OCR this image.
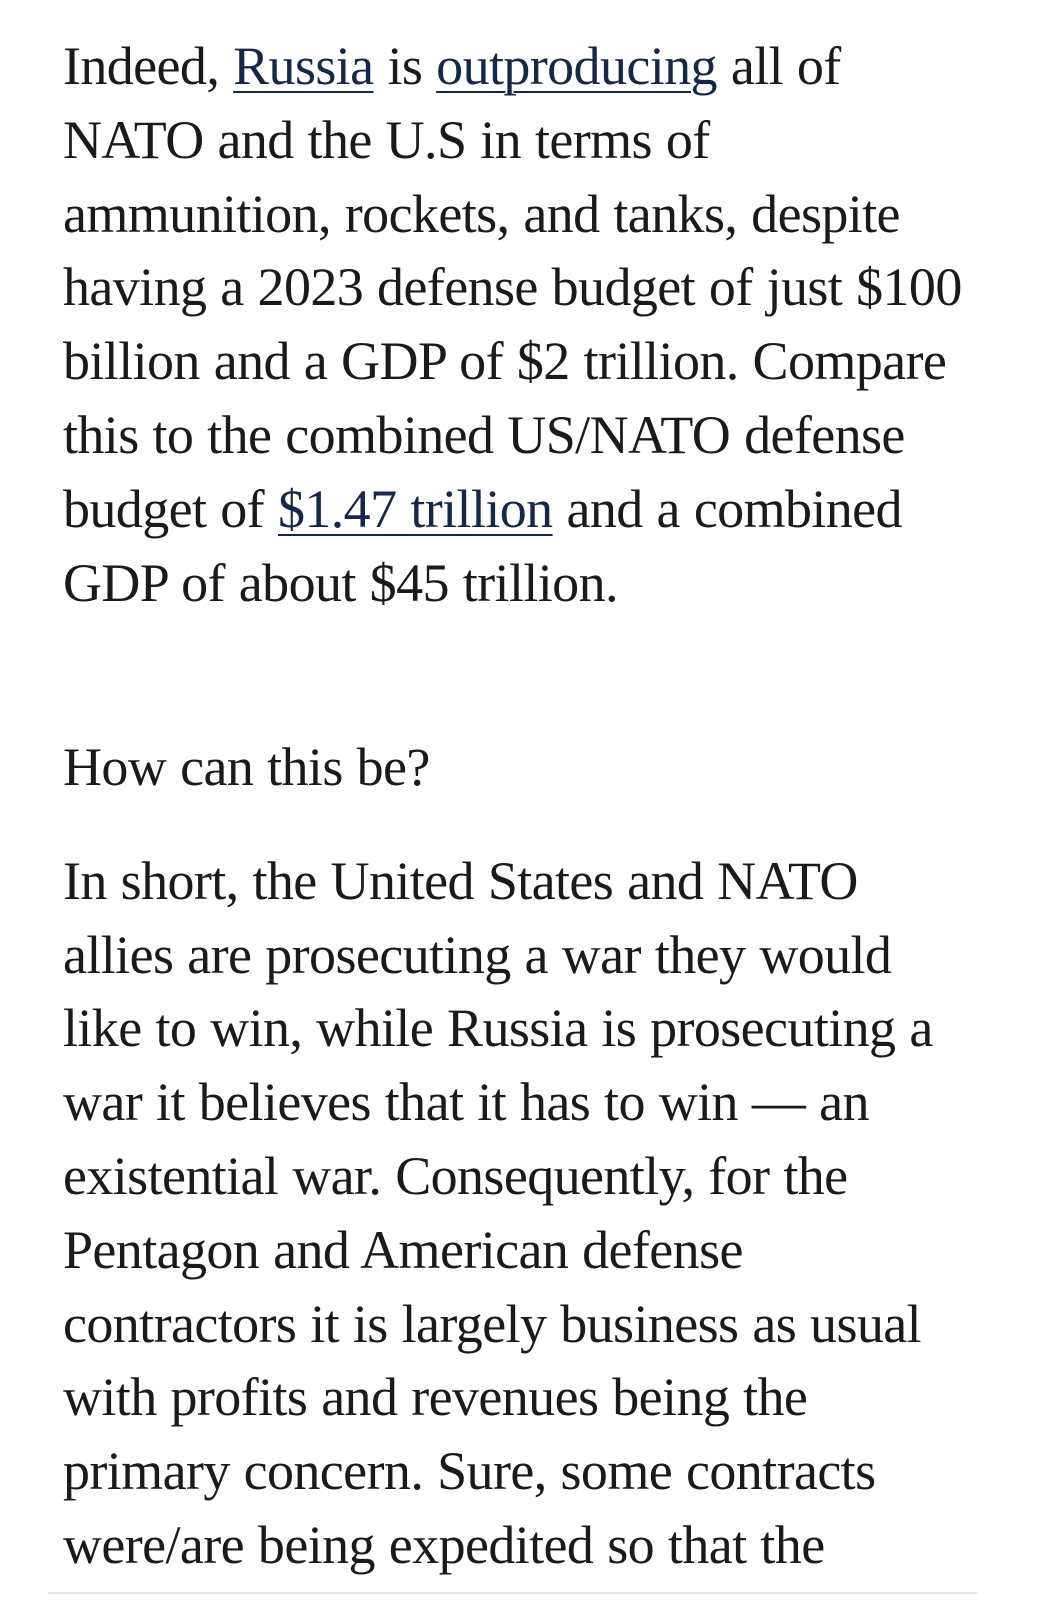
Indeed, Russia is outproducing all of NATO and the U.S in terms of ammunition, rockets, and tanks, despite having a 2023 defense budget of just $100 billion and a GDP of $2 trillion. Compare this to the combined US/​NATO defense budget of $1.47 trillion and a combined GDP of about $45 trillion.

How can this be?

In short, the United States and NATO allies are prosecuting a war they would like to win, while Russia is prosecuting a war it believes that it has to win — an existential war. Consequently, for the Pentagon and American defense contractors it is largely business as usual with profits and revenues being the primary concern. Sure, some contracts were/are being expedited so that the
